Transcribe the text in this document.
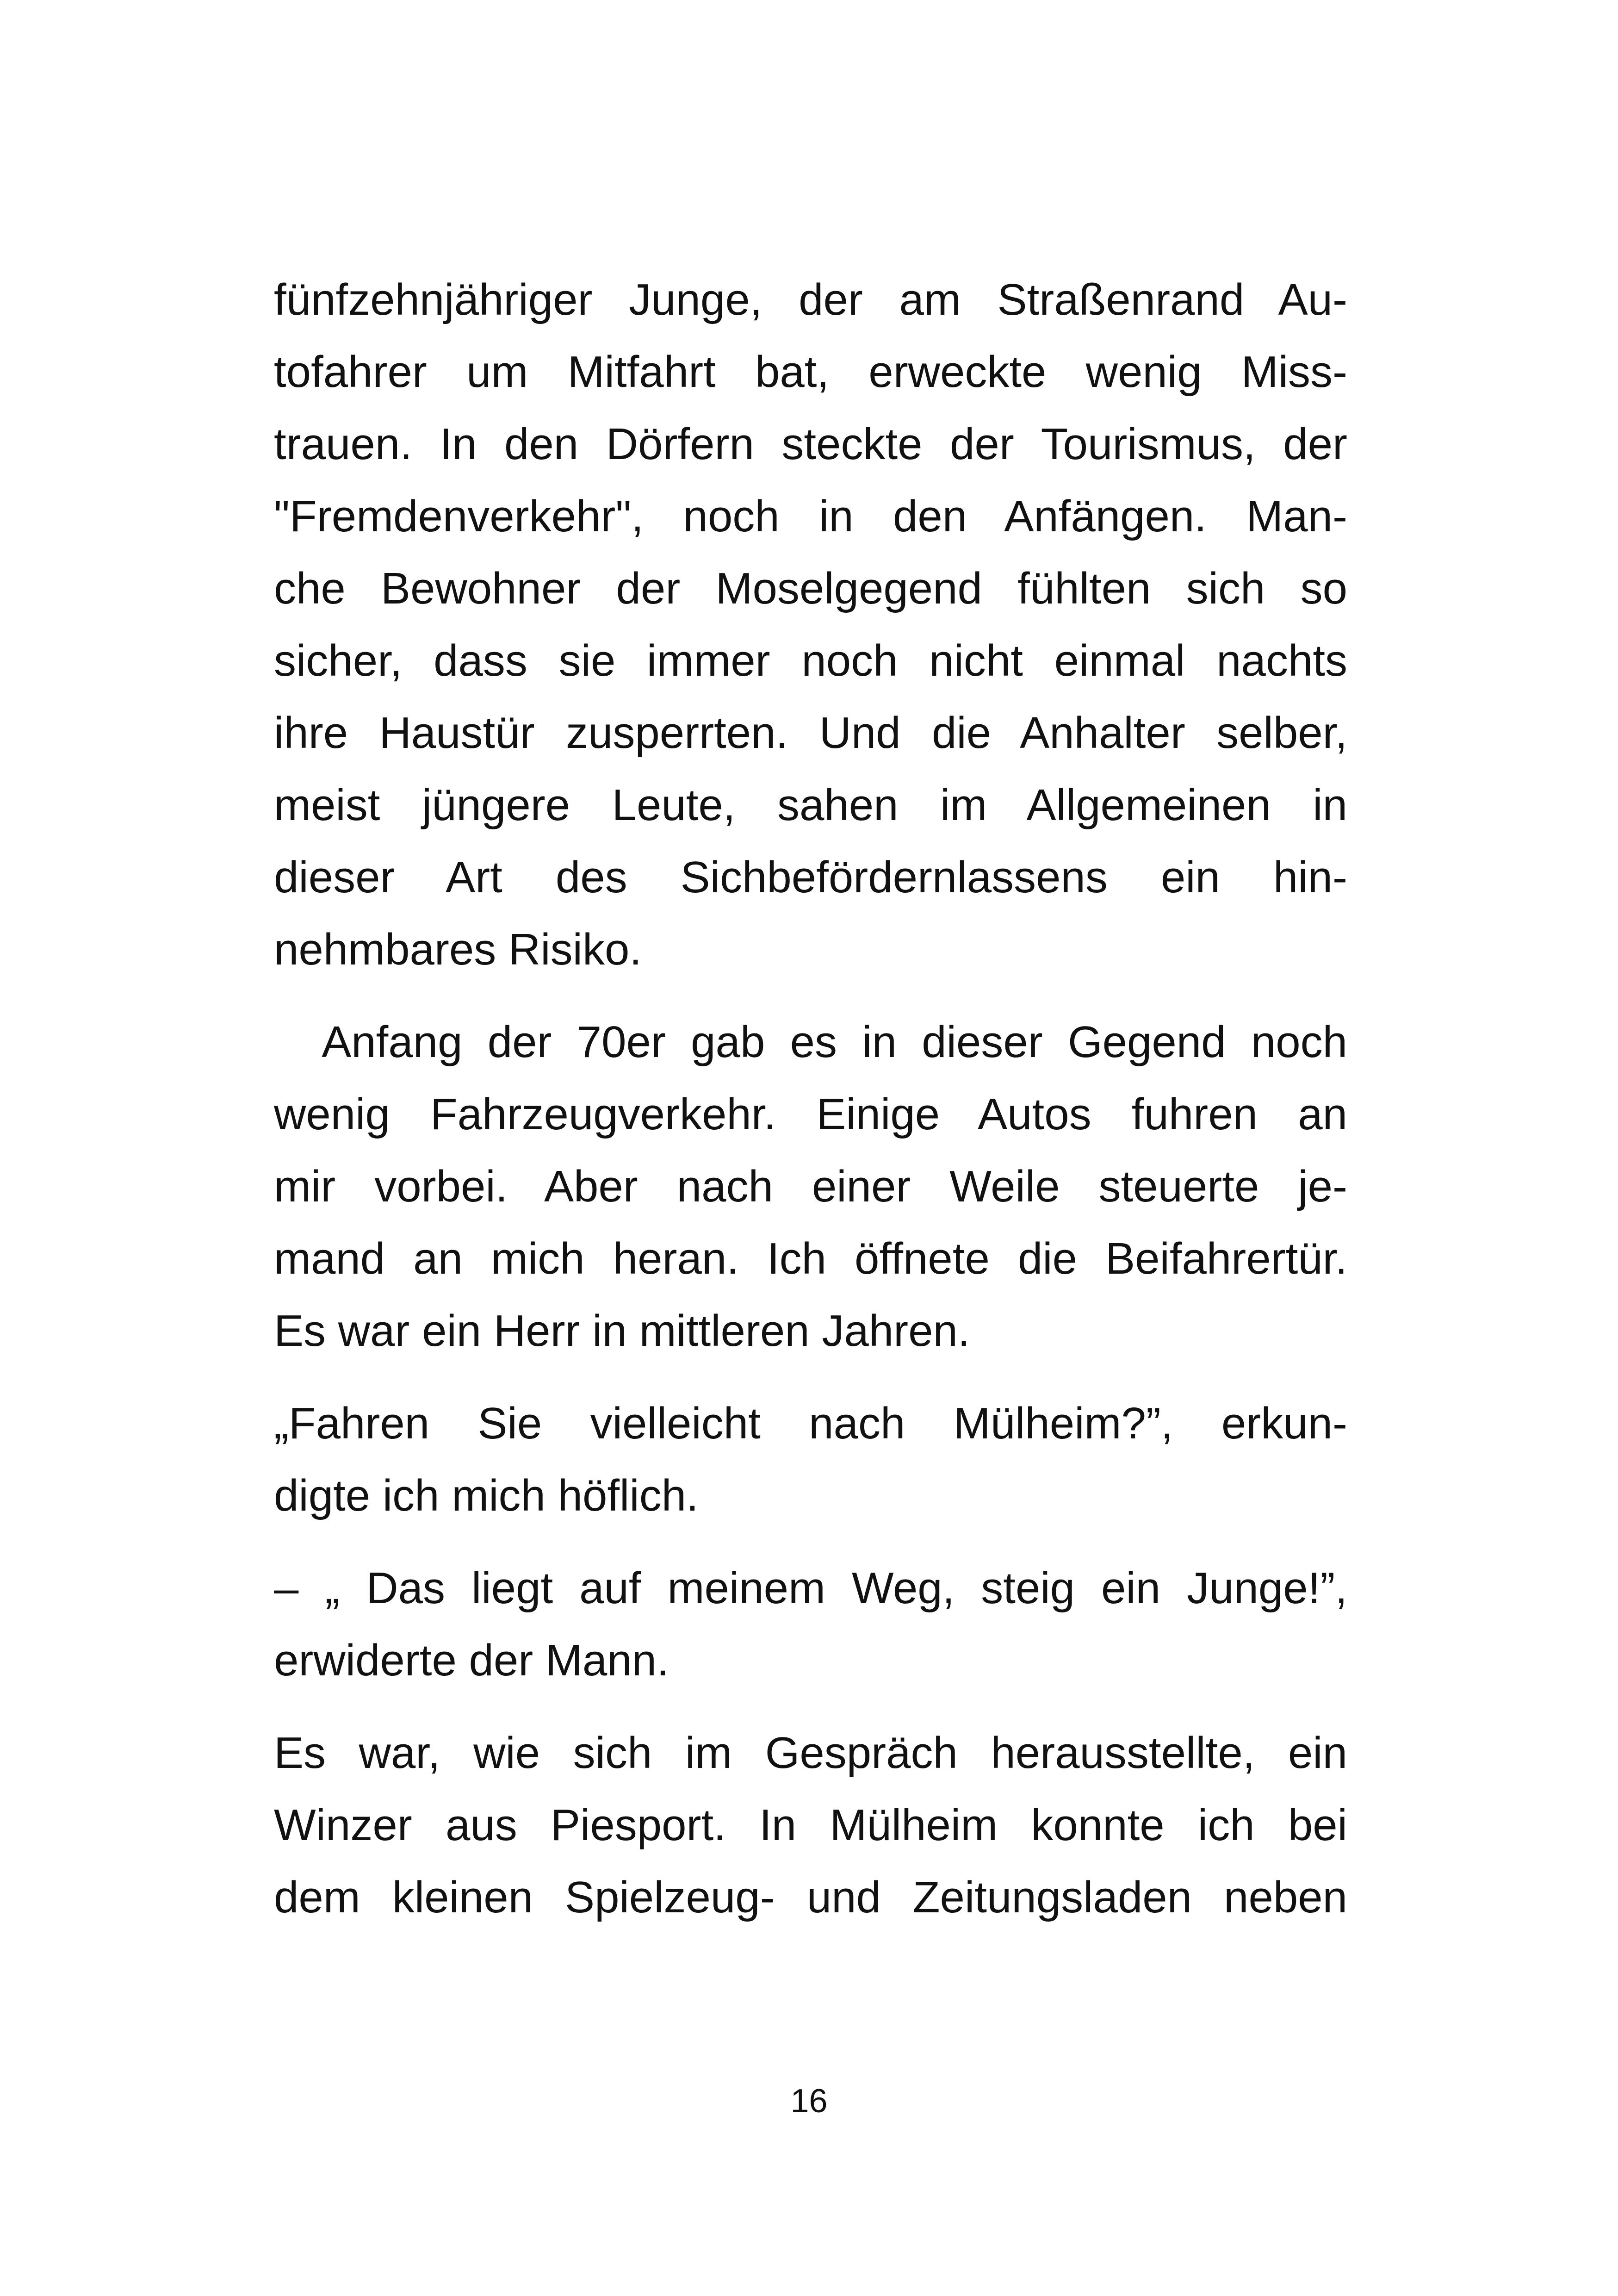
fünfzehnjähriger Junge, der am Straßenrand Au-
tofahrer um Mitfahrt bat, erweckte wenig Miss-
trauen. In den Dörfern steckte der Tourismus, der
"Fremdenverkehr", noch in den Anfängen. Man-
che Bewohner der Moselgegend fühlten sich so
sicher, dass sie immer noch nicht einmal nachts
ihre Haustür zusperrten. Und die Anhalter selber,
meist jüngere Leute, sahen im Allgemeinen in
dieser Art des Sichbefördernlassens ein hin-
nehmbares Risiko.
Anfang der 70er gab es in dieser Gegend noch
wenig Fahrzeugverkehr. Einige Autos fuhren an
mir vorbei. Aber nach einer Weile steuerte je-
mand an mich heran. Ich öffnete die Beifahrertür.
Es war ein Herr in mittleren Jahren.
„Fahren Sie vielleicht nach Mülheim?”, erkun-
digte ich mich höflich.
– „ Das liegt auf meinem Weg, steig ein Junge!”,
erwiderte der Mann.
Es war, wie sich im Gespräch herausstellte, ein
Winzer aus Piesport. In Mülheim konnte ich bei
dem kleinen Spielzeug- und Zeitungsladen neben
16
